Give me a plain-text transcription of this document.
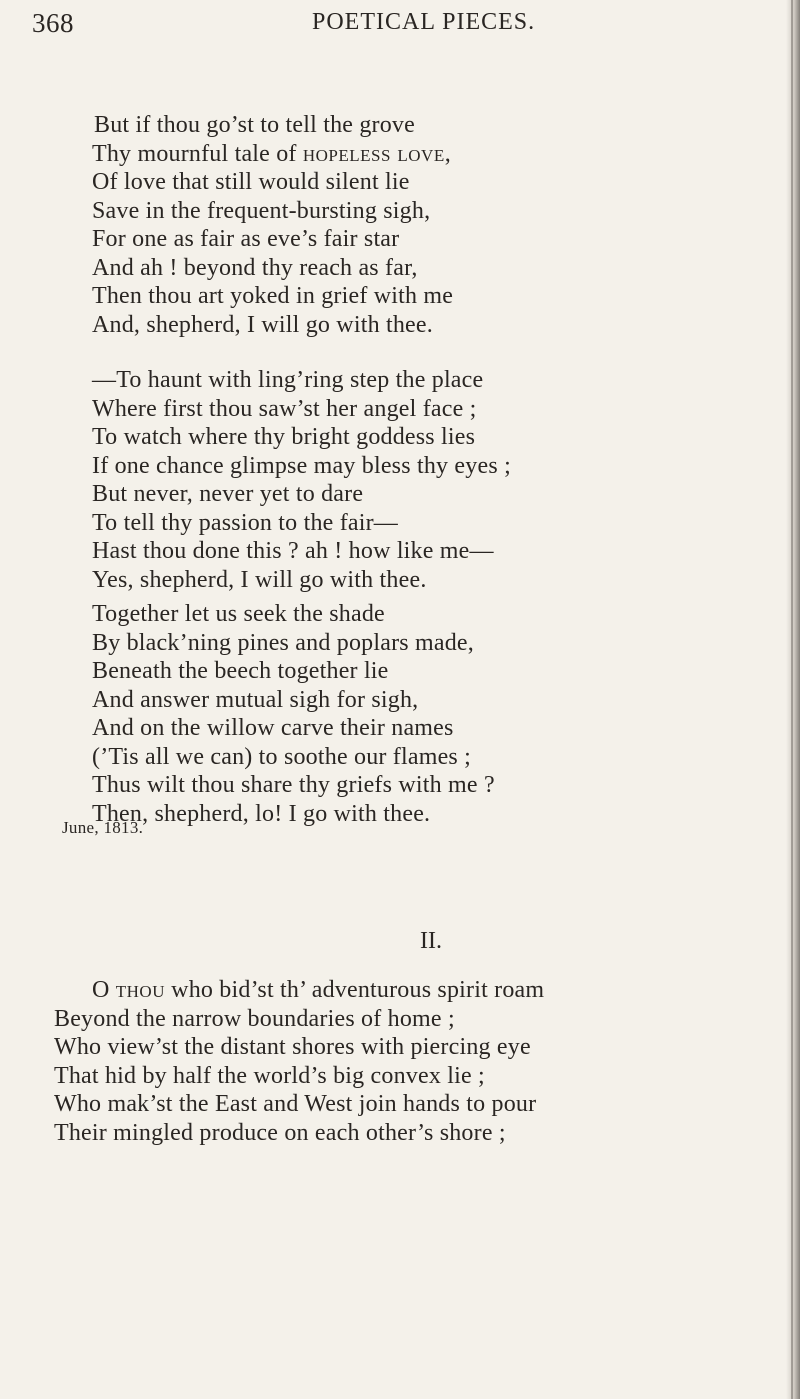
368	POETICAL PIECES.
But if thou go’st to tell the grove
Thy mournful tale of hopeless love,
Of love that still would silent lie
Save in the frequent-bursting sigh,
For one as fair as eve’s fair star
And ah ! beyond thy reach as far,
Then thou art yoked in grief with me
And, shepherd, I will go with thee.
—To haunt with ling’ring step the place
Where first thou saw’st her angel face ;
To watch where thy bright goddess lies
If one chance glimpse may bless thy eyes ;
But never, never yet to dare
To tell thy passion to the fair—
Hast thou done this ? ah ! how like me—
Yes, shepherd, I will go with thee.
Together let us seek the shade
By black’ning pines and poplars made,
Beneath the beech together lie
And answer mutual sigh for sigh,
And on the willow carve their names
(’Tis all we can) to soothe our flames ;
Thus wilt thou share thy griefs with me ?
Then, shepherd, lo! I go with thee.
June, 1813.
II.
O thou who bid’st th’ adventurous spirit roam
Beyond the narrow boundaries of home ;
Who view’st the distant shores with piercing eye
That hid by half the world’s big convex lie ;
Who mak’st the East and West join hands to pour
Their mingled produce on each other’s shore ;
